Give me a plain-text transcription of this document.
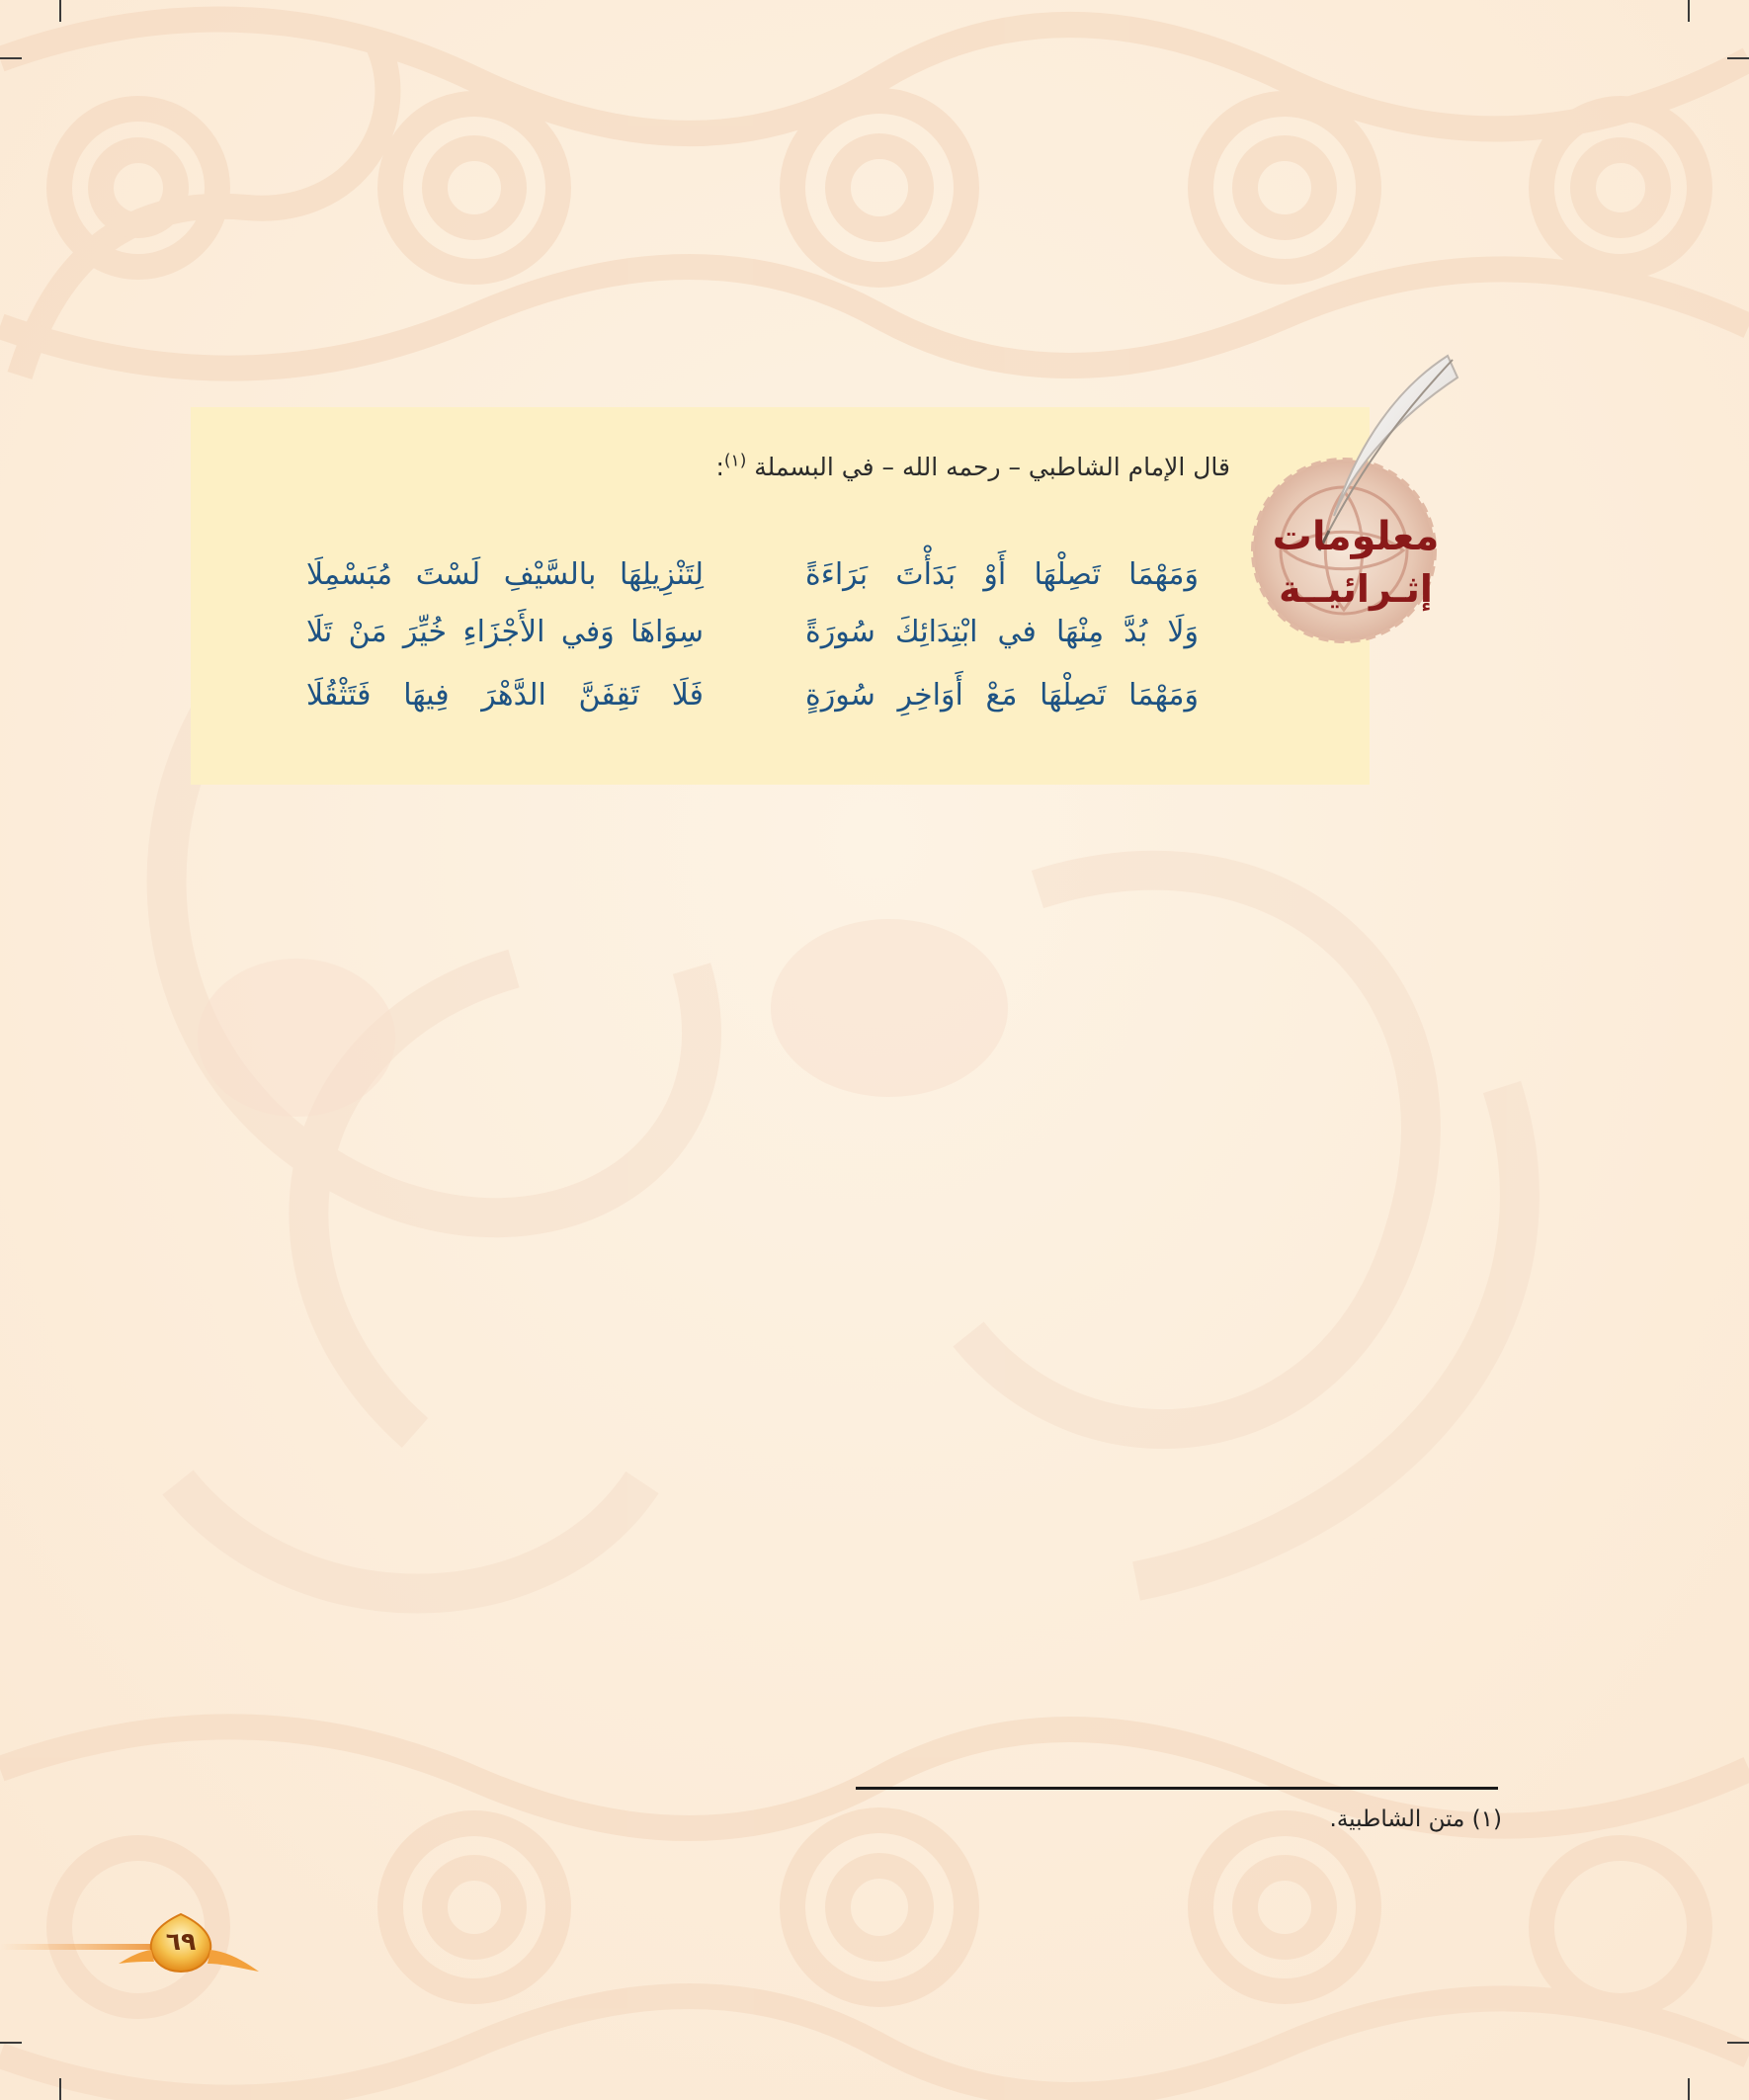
معلومات
إثـرائيــة
قال الإمام الشاطبي – رحمه الله – في البسملة $^{(١)}$:
وَمَهْمَا تَصِلْهَا أَوْ بَدَأْتَ بَرَاءَةً
لِتَنْزِيلِهَا بالسَّيْفِ لَسْتَ مُبَسْمِلَا
وَلَا بُدَّ مِنْهَا في ابْتِدَائِكَ سُورَةً
سِوَاهَا وَفي الأَجْزَاءِ خُيِّرَ مَنْ تَلَا
وَمَهْمَا تَصِلْهَا مَعْ أَوَاخِرِ سُورَةٍ
فَلَا تَقِفَنَّ الدَّهْرَ فِيهَا فَتَثْقُلَا
(١) متن الشاطبية.
٦٩
